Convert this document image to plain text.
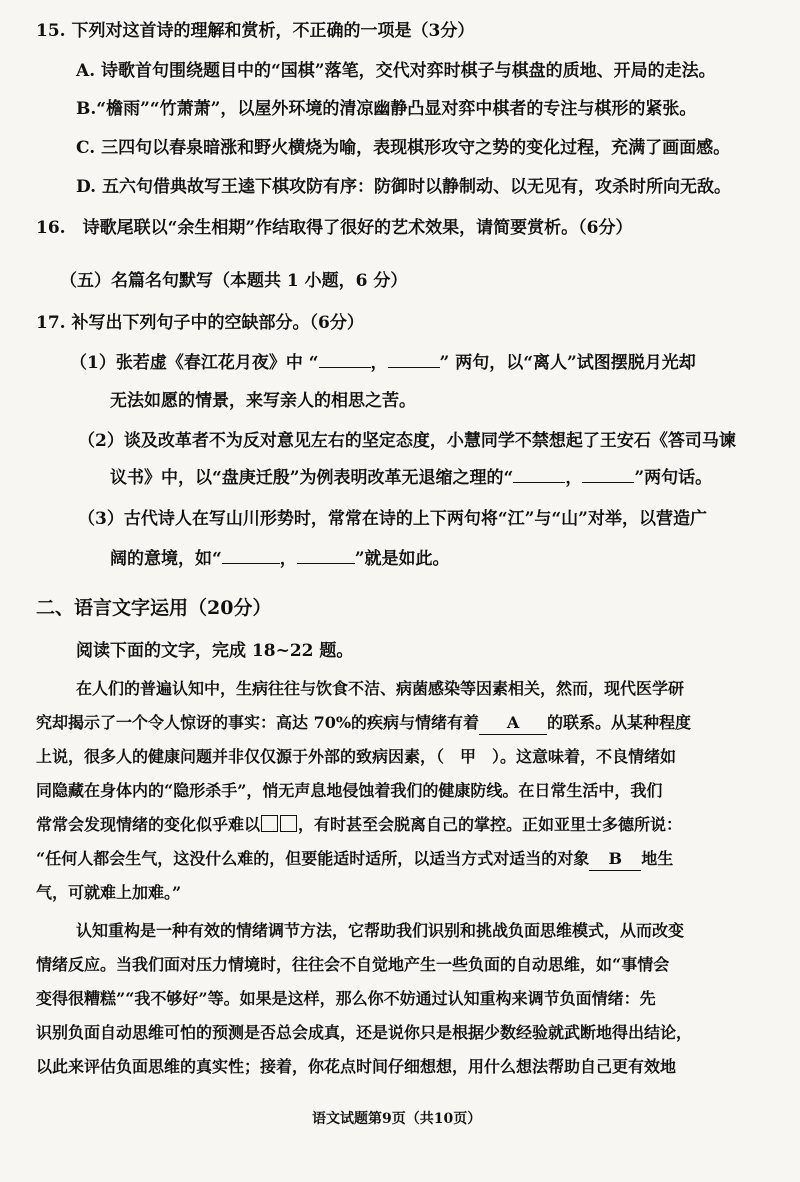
15. 下列对这首诗的理解和赏析，不正确的一项是（3分）
A. 诗歌首句围绕题目中的“国棋”落笔，交代对弈时棋子与棋盘的质地、开局的走法。
B.“檐雨”“竹萧萧”，以屋外环境的清凉幽静凸显对弈中棋者的专注与棋形的紧张。
C. 三四句以春泉暗涨和野火横烧为喻，表现棋形攻守之势的变化过程，充满了画面感。
D. 五六句借典故写王逵下棋攻防有序：防御时以静制动、以无见有，攻杀时所向无敌。
16.　诗歌尾联以“余生相期”作结取得了很好的艺术效果，请简要赏析。（6分）
（五）名篇名句默写（本题共 1 小题，6 分）
17. 补写出下列句子中的空缺部分。（6分）
（1）张若虚《春江花月夜》中 “	，	” 两句，以“离人”试图摆脱月光却
无法如愿的情景，来写亲人的相思之苦。
（2）谈及改革者不为反对意见左右的坚定态度，小慧同学不禁想起了王安石《答司马谏
议书》中，以“盘庚迁殷”为例表明改革无退缩之理的“	，	”两句话。
（3）古代诗人在写山川形势时，常常在诗的上下两句将“江”与“山”对举，以营造广
阔的意境，如“	，	”就是如此。
二、语言文字运用（20分）
阅读下面的文字，完成 18~22 题。
在人们的普遍认知中，生病往往与饮食不洁、病菌感染等因素相关，然而，现代医学研
究却揭示了一个令人惊讶的事实：高达 70%的疾病与情绪有着 A 的联系。从某种程度
上说，很多人的健康问题并非仅仅源于外部的致病因素，（　甲　）。这意味着，不良情绪如
同隐藏在身体内的“隐形杀手”，悄无声息地侵蚀着我们的健康防线。在日常生活中，我们
常常会发现情绪的变化似乎难以 ，有时甚至会脱离自己的掌控。正如亚里士多德所说：
“任何人都会生气，这没什么难的，但要能适时适所，以适当方式对适当的对象 B 地生
气，可就难上加难。”
认知重构是一种有效的情绪调节方法，它帮助我们识别和挑战负面思维模式，从而改变
情绪反应。当我们面对压力情境时，往往会不自觉地产生一些负面的自动思维，如“事情会
变得很糟糕”“我不够好”等。如果是这样，那么你不妨通过认知重构来调节负面情绪：先
识别负面自动思维可怕的预测是否总会成真，还是说你只是根据少数经验就武断地得出结论，
以此来评估负面思维的真实性；接着，你花点时间仔细想想，用什么想法帮助自己更有效地
语文试题第9页（共10页）
